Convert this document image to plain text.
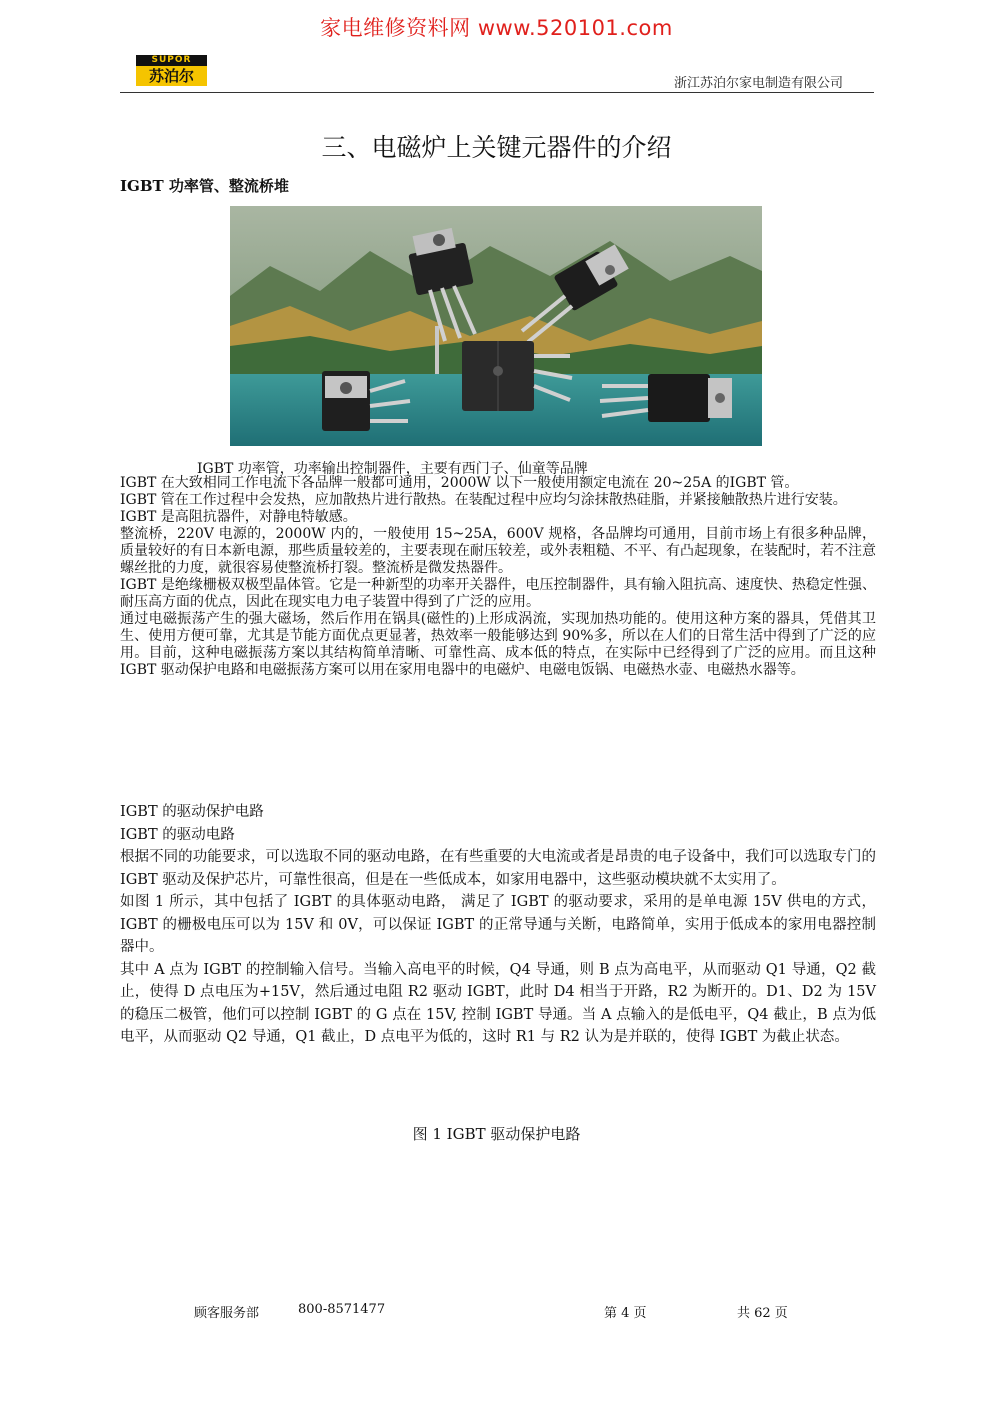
家电维修资料网 www.520101.com
SUPOR
苏泊尔	浙江苏泊尔家电制造有限公司
三、电磁炉上关键元器件的介绍
IGBT 功率管、整流桥堆
IGBT 功率管，功率输出控制器件，主要有西门子、仙童等品牌

IGBT 在大致相同工作电流下各品牌一般都可通用，2000W 以下一般使用额定电流在 20~25A 的IGBT 管。

IGBT 管在工作过程中会发热，应加散热片进行散热。在装配过程中应均匀涂抹散热硅脂，并紧接触散热片进行安装。

IGBT 是高阻抗器件，对静电特敏感。

整流桥，220V 电源的，2000W 内的，一般使用 15~25A，600V 规格，各品牌均可通用，目前市场上有很多种品牌，质量较好的有日本新电源，那些质量较差的，主要表现在耐压较差，或外表粗糙、不平、有凸起现象，在装配时，若不注意螺丝批的力度，就很容易使整流桥打裂。整流桥是微发热器件。

IGBT 是绝缘栅极双极型晶体管。它是一种新型的功率开关器件，电压控制器件，具有输入阻抗高、速度快、热稳定性强、耐压高方面的优点，因此在现实电力电子装置中得到了广泛的应用。

通过电磁振荡产生的强大磁场，然后作用在锅具(磁性的)上形成涡流，实现加热功能的。使用这种方案的器具，凭借其卫生、使用方便可靠，尤其是节能方面优点更显著，热效率一般能够达到 90%多，所以在人们的日常生活中得到了广泛的应用。目前，这种电磁振荡方案以其结构简单清晰、可靠性高、成本低的特点，在实际中已经得到了广泛的应用。而且这种 IGBT 驱动保护电路和电磁振荡方案可以用在家用电器中的电磁炉、电磁电饭锅、电磁热水壶、电磁热水器等。

IGBT 的驱动保护电路

IGBT 的驱动电路

根据不同的功能要求，可以选取不同的驱动电路，在有些重要的大电流或者是昂贵的电子设备中，我们可以选取专门的 IGBT 驱动及保护芯片，可靠性很高，但是在一些低成本，如家用电器中，这些驱动模块就不太实用了。

如图 1 所示，其中包括了 IGBT 的具体驱动电路， 满足了 IGBT 的驱动要求，采用的是单电源 15V 供电的方式，IGBT 的栅极电压可以为 15V 和 0V，可以保证 IGBT 的正常导通与关断，电路简单，实用于低成本的家用电器控制器中。

其中 A 点为 IGBT 的控制输入信号。当输入高电平的时候，Q4 导通，则 B 点为高电平，从而驱动 Q1 导通，Q2 截止，使得 D 点电压为+15V，然后通过电阻 R2 驱动 IGBT，此时 D4 相当于开路，R2 为断开的。D1、D2 为 15V 的稳压二极管，他们可以控制 IGBT 的 G 点在 15V, 控制 IGBT 导通。当 A 点输入的是低电平，Q4 截止，B 点为低电平，从而驱动 Q2 导通，Q1 截止，D 点电平为低的，这时 R1 与 R2 认为是并联的，使得 IGBT 为截止状态。

图 1 IGBT 驱动保护电路
顾客服务部	800-8571477	第 4 页	共 62 页
